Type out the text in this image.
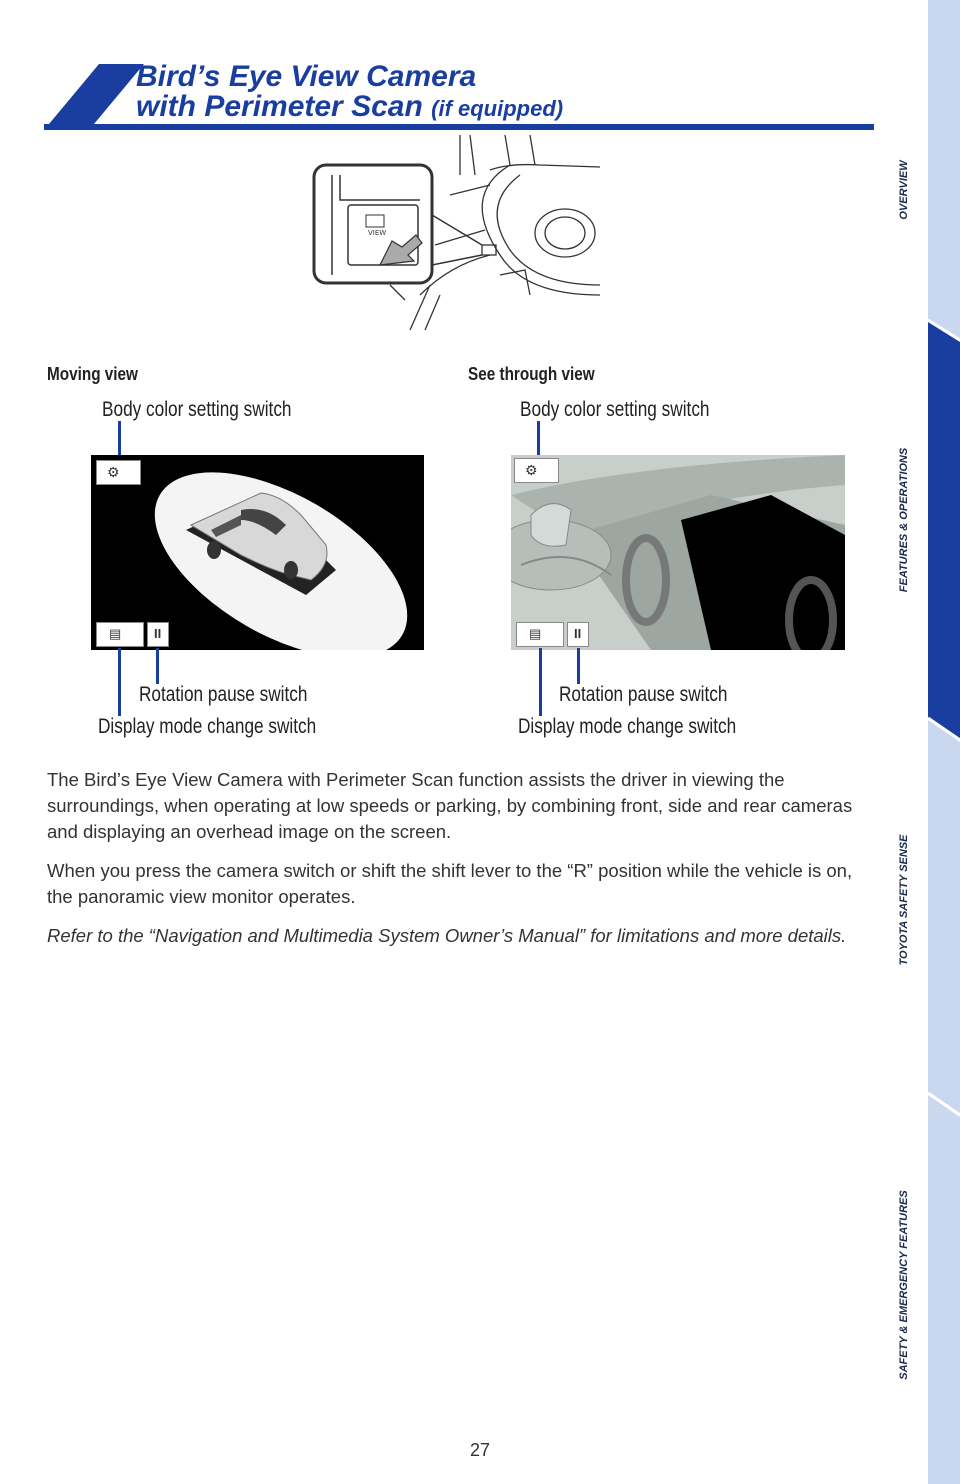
Bird’s Eye View Camera
with Perimeter Scan (if equipped)
OVERVIEW
FEATURES & OPERATIONS
TOYOTA SAFETY SENSE
SAFETY & EMERGENCY FEATURES
VIEW
Moving view
Body color setting switch
⚙
▤	II
Rotation pause switch
Display mode change switch
See through view
Body color setting switch
⚙
▤	II
Rotation pause switch
Display mode change switch
The Bird’s Eye View Camera with Perimeter Scan function assists the driver in viewing the surroundings, when operating at low speeds or parking, by combining front, side and rear cameras and displaying an overhead image on the screen.
When you press the camera switch or shift the shift lever to the “R” position while the vehicle is on, the panoramic view monitor operates.
Refer to the “Navigation and Multimedia System Owner’s Manual” for limitations and more details.
27
